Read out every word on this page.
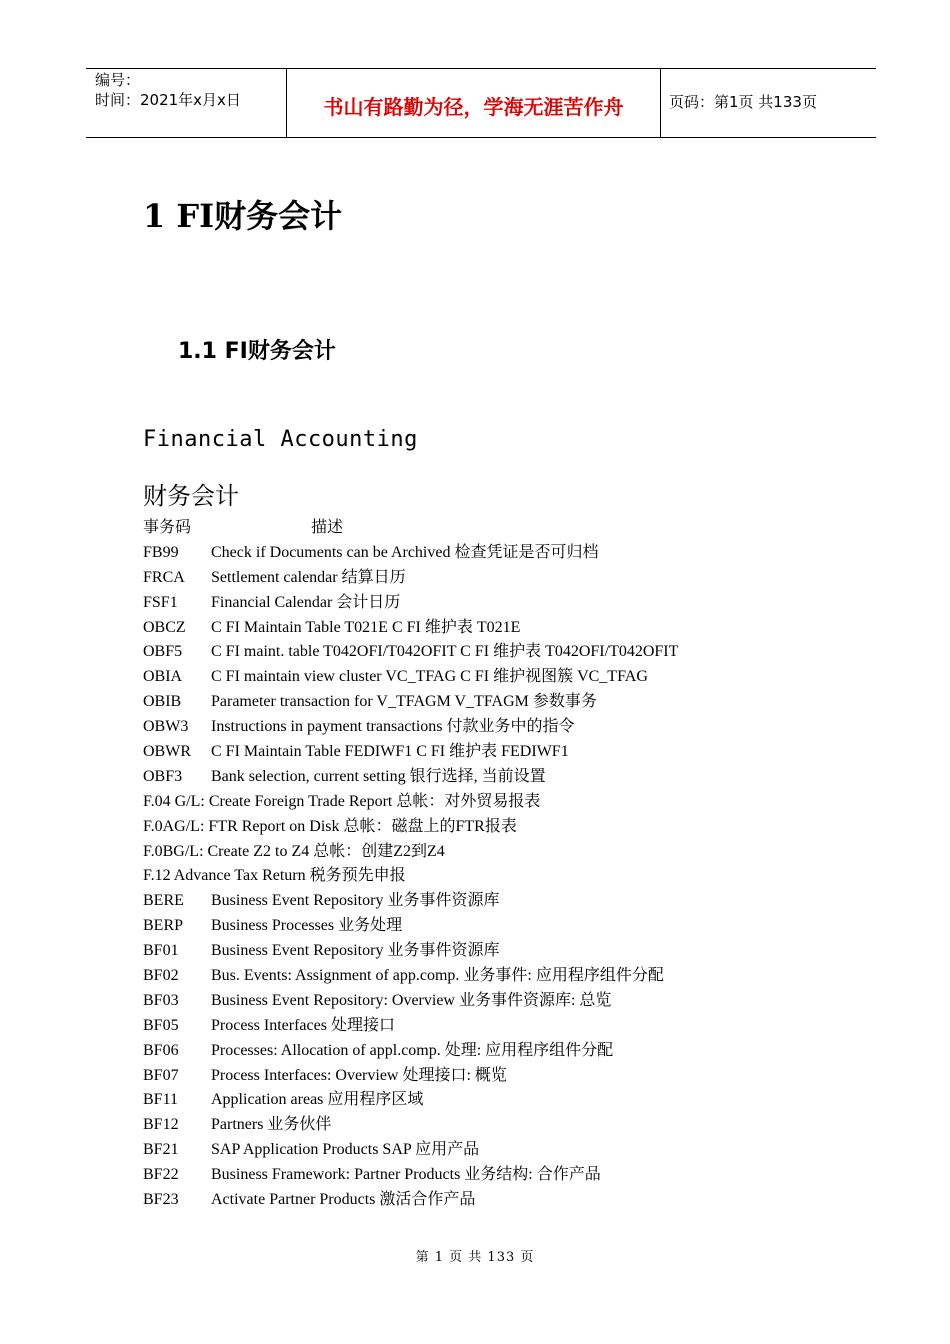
编号：
时间：2021年x月x日	书山有路勤为径，学海无涯苦作舟	页码：第1页 共133页
1 FI财务会计
1.1 FI财务会计
Financial Accounting
财务会计
事务码	描述
FB99 Check if Documents can be Archived 检查凭证是否可归档
FRCA Settlement calendar 结算日历
FSF1 Financial Calendar 会计日历
OBCZ C FI Maintain Table T021E C FI 维护表 T021E
OBF5 C FI maint. table T042OFI/T042OFIT C FI 维护表 T042OFI/T042OFIT
OBIA C FI maintain view cluster VC_TFAG C FI 维护视图簇 VC_TFAG
OBIB Parameter transaction for V_TFAGM V_TFAGM 参数事务
OBW3 Instructions in payment transactions 付款业务中的指令
OBWR C FI Maintain Table FEDIWF1 C FI 维护表 FEDIWF1
OBF3 Bank selection, current setting 银行选择, 当前设置
F.04 G/L: Create Foreign Trade Report 总帐：对外贸易报表
F.0AG/L: FTR Report on Disk 总帐：磁盘上的FTR报表
F.0BG/L: Create Z2 to Z4 总帐：创建Z2到Z4
F.12 Advance Tax Return 税务预先申报
BERE Business Event Repository 业务事件资源库
BERP Business Processes 业务处理
BF01 Business Event Repository 业务事件资源库
BF02 Bus. Events: Assignment of app.comp. 业务事件: 应用程序组件分配
BF03 Business Event Repository: Overview 业务事件资源库: 总览
BF05 Process Interfaces 处理接口
BF06 Processes: Allocation of appl.comp. 处理: 应用程序组件分配
BF07 Process Interfaces: Overview 处理接口: 概览
BF11 Application areas 应用程序区域
BF12 Partners 业务伙伴
BF21 SAP Application Products SAP 应用产品
BF22 Business Framework: Partner Products 业务结构: 合作产品
BF23 Activate Partner Products 激活合作产品
第 1 页 共 133 页
